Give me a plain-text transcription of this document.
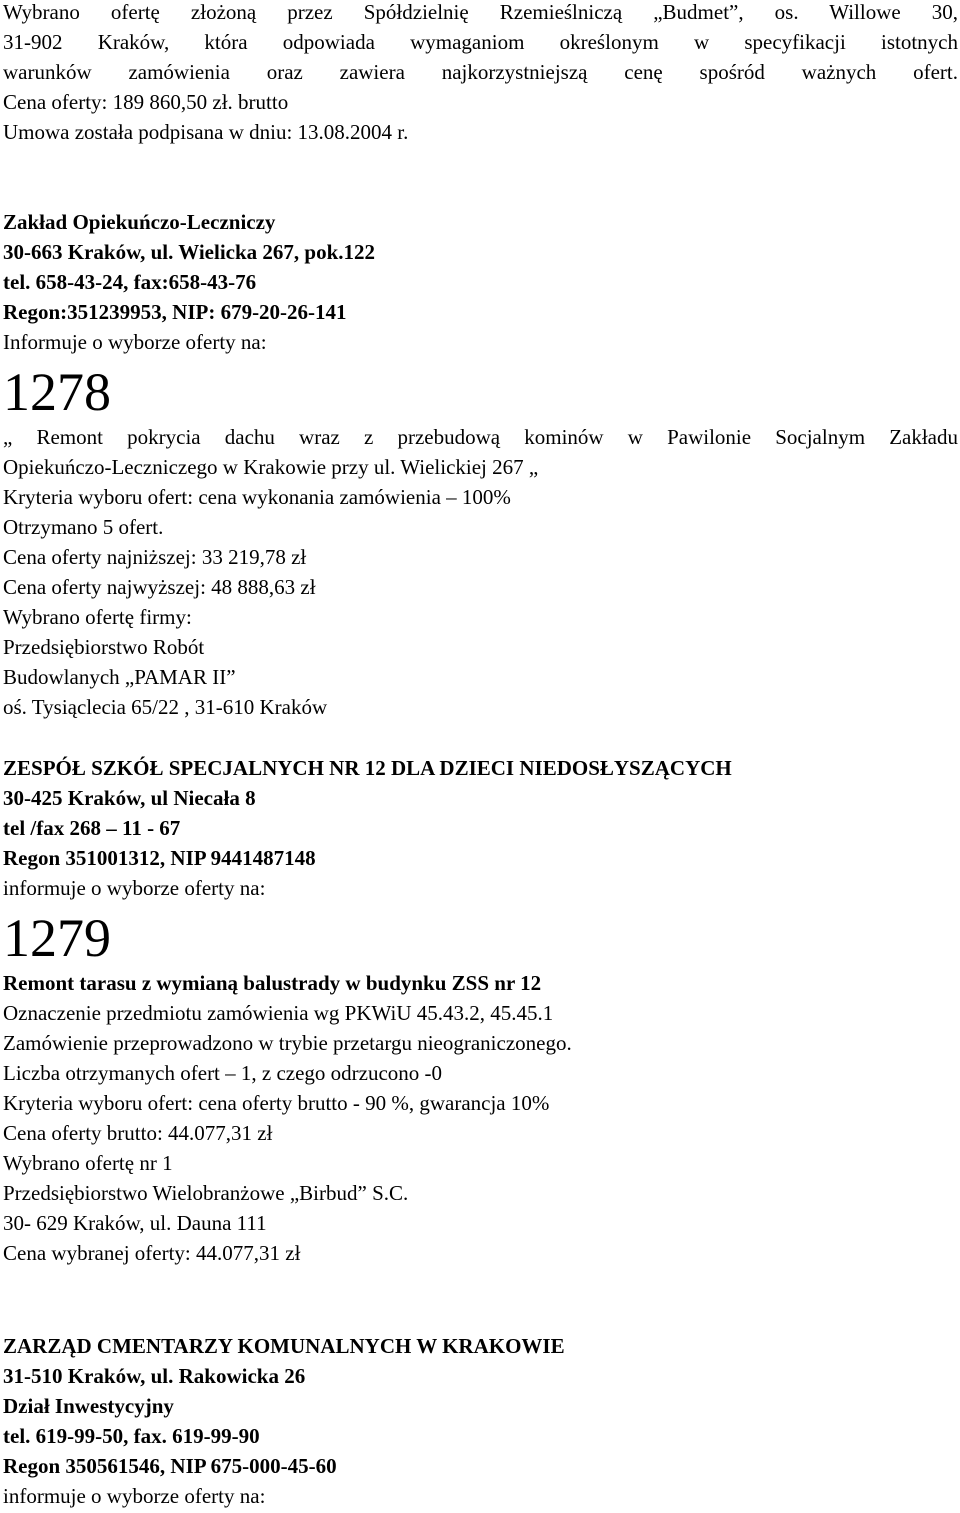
Wybrano ofertę złożoną przez Spółdzielnię Rzemieślniczą „Budmet”, os. Willowe 30,
31-902 Kraków, która odpowiada wymaganiom określonym w specyfikacji istotnych
warunków zamówienia oraz zawiera najkorzystniejszą cenę spośród ważnych ofert.
Cena oferty: 189 860,50 zł. brutto
Umowa została podpisana w dniu: 13.08.2004 r.
Zakład Opiekuńczo-Leczniczy
30-663 Kraków, ul. Wielicka 267, pok.122
tel. 658-43-24, fax:658-43-76
Regon:351239953, NIP: 679-20-26-141
Informuje o wyborze oferty na:
1278
„ Remont pokrycia dachu wraz z przebudową kominów w Pawilonie Socjalnym Zakładu
Opiekuńczo-Leczniczego w Krakowie przy ul. Wielickiej 267 „
Kryteria wyboru ofert: cena wykonania zamówienia – 100%
Otrzymano 5 ofert.
Cena oferty najniższej: 33 219,78 zł
Cena oferty najwyższej: 48 888,63 zł
Wybrano ofertę firmy:
Przedsiębiorstwo Robót
Budowlanych „PAMAR II”
oś. Tysiąclecia 65/22 , 31-610 Kraków
ZESPÓŁ SZKÓŁ SPECJALNYCH NR 12 DLA DZIECI NIEDOSŁYSZĄCYCH
30-425 Kraków, ul Niecała 8
tel /fax 268 – 11 - 67
Regon 351001312, NIP 9441487148
informuje o wyborze oferty na:
1279
Remont tarasu z wymianą balustrady w budynku ZSS nr 12
Oznaczenie przedmiotu zamówienia wg PKWiU 45.43.2, 45.45.1
Zamówienie przeprowadzono w trybie przetargu nieograniczonego.
Liczba otrzymanych ofert – 1, z czego odrzucono -0
Kryteria wyboru ofert: cena oferty brutto - 90 %, gwarancja 10%
Cena oferty brutto: 44.077,31 zł
Wybrano ofertę nr 1
Przedsiębiorstwo Wielobranżowe „Birbud” S.C.
30- 629 Kraków, ul. Dauna 111
Cena wybranej oferty: 44.077,31 zł
ZARZĄD CMENTARZY KOMUNALNYCH W KRAKOWIE
31-510 Kraków, ul. Rakowicka 26
Dział Inwestycyjny
tel. 619-99-50, fax. 619-99-90
Regon 350561546, NIP 675-000-45-60
informuje o wyborze oferty na:
